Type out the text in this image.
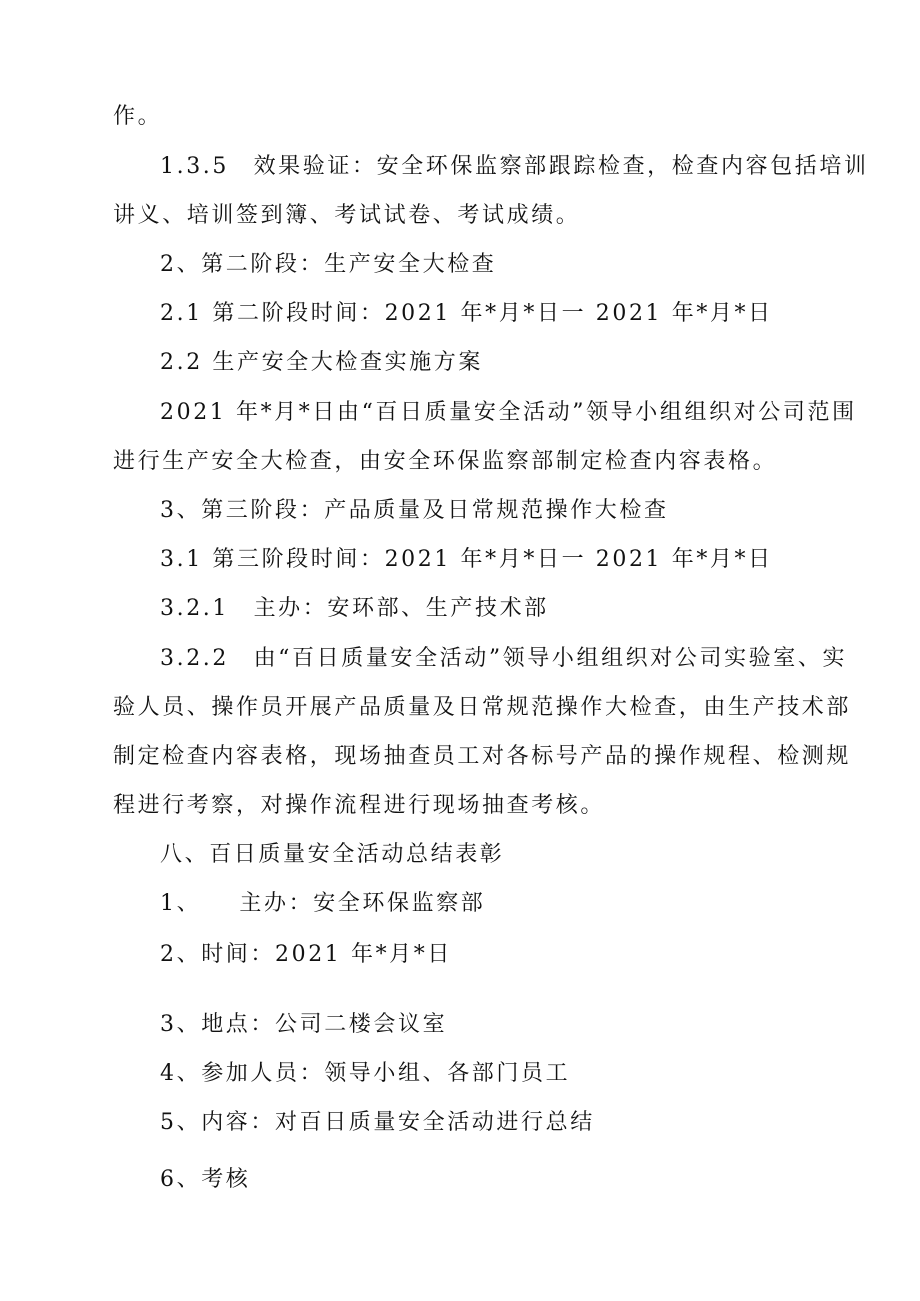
作。
1.3.5　效果验证：安全环保监察部跟踪检查，检查内容包括培训
讲义、培训签到簿、考试试卷、考试成绩。
2、第二阶段：生产安全大检查
2.1 第二阶段时间：2021 年*月*日一 2021 年*月*日
2.2 生产安全大检查实施方案
2021 年*月*日由“百日质量安全活动”领导小组组织对公司范围
进行生产安全大检查，由安全环保监察部制定检查内容表格。
3、第三阶段：产品质量及日常规范操作大检查
3.1 第三阶段时间：2021 年*月*日一 2021 年*月*日
3.2.1　主办：安环部、生产技术部
3.2.2　由“百日质量安全活动”领导小组组织对公司实验室、实
验人员、操作员开展产品质量及日常规范操作大检查，由生产技术部
制定检查内容表格，现场抽查员工对各标号产品的操作规程、检测规
程进行考察，对操作流程进行现场抽查考核。
八、百日质量安全活动总结表彰
1、　　主办：安全环保监察部
2、时间：2021 年*月*日
3、地点：公司二楼会议室
4、参加人员：领导小组、各部门员工
5、内容：对百日质量安全活动进行总结
6、考核
